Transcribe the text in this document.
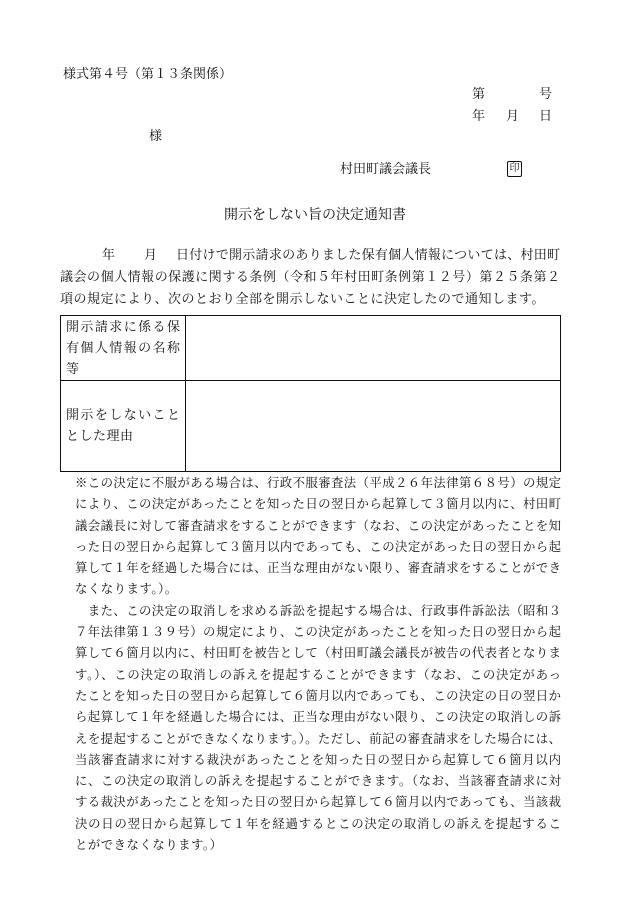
様式第４号（第１３条関係）
第	号
年 月 日
様
村田町議会議長	印
開示をしない旨の決定通知書
年 月 日付けで開示請求のありました保有個人情報については、村田町
議会の個人情報の保護に関する条例（令和５年村田町条例第１２号）第２５条第２
項の規定により、次のとおり全部を開示しないことに決定したので通知します。
開示請求に係る保
有個人情報の名称
等
開示をしないこと
とした理由
※この決定に不服がある場合は、行政不服審査法（平成２６年法律第６８号）の規定
により、この決定があったことを知った日の翌日から起算して３箇月以内に、村田町
議会議長に対して審査請求をすることができます（なお、この決定があったことを知
った日の翌日から起算して３箇月以内であっても、この決定があった日の翌日から起
算して１年を経過した場合には、正当な理由がない限り、審査請求をすることができ
なくなります。）。
　また、この決定の取消しを求める訴訟を提起する場合は、行政事件訴訟法（昭和３
７年法律第１３９号）の規定により、この決定があったことを知った日の翌日から起
算して６箇月以内に、村田町を被告として（村田町議会議長が被告の代表者となりま
す。）、この決定の取消しの訴えを提起することができます（なお、この決定があっ
たことを知った日の翌日から起算して６箇月以内であっても、この決定の日の翌日か
ら起算して１年を経過した場合には、正当な理由がない限り、この決定の取消しの訴
えを提起することができなくなります。）。ただし、前記の審査請求をした場合には、
当該審査請求に対する裁決があったことを知った日の翌日から起算して６箇月以内
に、この決定の取消しの訴えを提起することができます。（なお、当該審査請求に対
する裁決があったことを知った日の翌日から起算して６箇月以内であっても、当該裁
決の日の翌日から起算して１年を経過するとこの決定の取消しの訴えを提起するこ
とができなくなります。）
